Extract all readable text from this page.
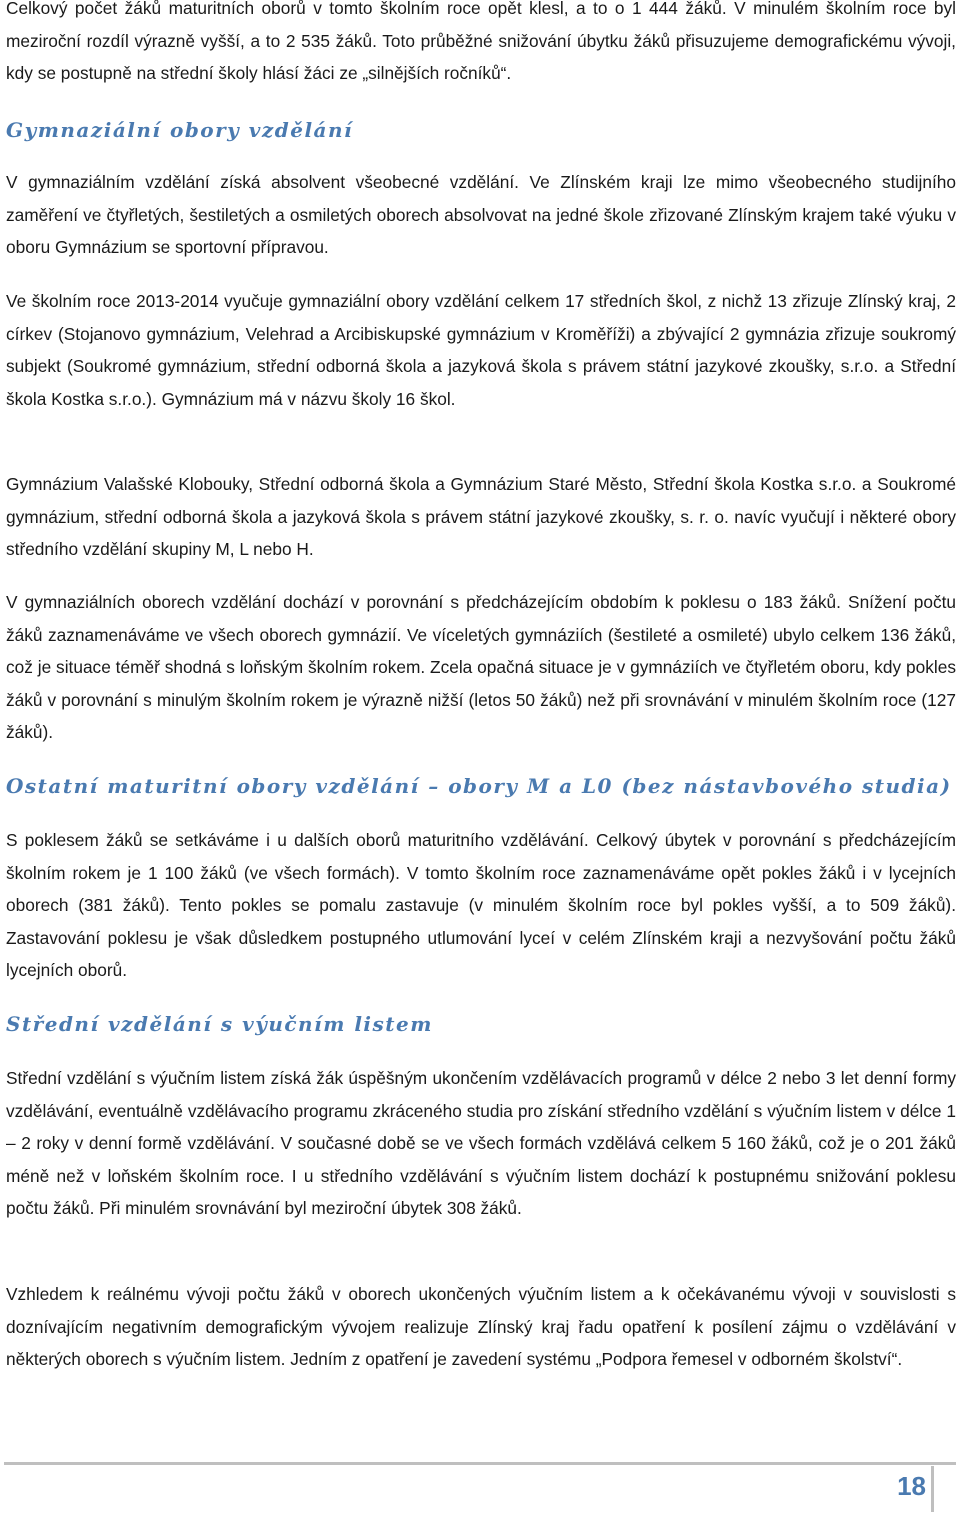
Celkový počet žáků maturitních oborů v tomto školním roce opět klesl, a to o 1 444 žáků. V minulém školním roce byl meziroční rozdíl výrazně vyšší, a to 2 535 žáků. Toto průběžné snižování úbytku žáků přisuzujeme demografickému vývoji, kdy se postupně na střední školy hlásí žáci ze „silnějších ročníků“.

Gymnaziální obory vzdělání

V gymnaziálním vzdělání získá absolvent všeobecné vzdělání. Ve Zlínském kraji lze mimo všeobecného studijního zaměření ve čtyřletých, šestiletých a osmiletých oborech absolvovat na jedné škole zřizované Zlínským krajem také výuku v oboru Gymnázium se sportovní přípravou.

Ve školním roce 2013-2014 vyučuje gymnaziální obory vzdělání celkem 17 středních škol, z nichž 13 zřizuje Zlínský kraj, 2 církev (Stojanovo gymnázium, Velehrad a Arcibiskupské gymnázium v Kroměříži) a zbývající 2 gymnázia zřizuje soukromý subjekt (Soukromé gymnázium, střední odborná škola a jazyková škola s právem státní jazykové zkoušky, s.r.o. a Střední škola Kostka s.r.o.). Gymnázium má v názvu školy 16 škol.

Gymnázium Valašské Klobouky, Střední odborná škola a Gymnázium Staré Město, Střední škola Kostka s.r.o. a Soukromé gymnázium, střední odborná škola a jazyková škola s právem státní jazykové zkoušky, s. r. o. navíc vyučují i některé obory středního vzdělání skupiny M, L nebo H.

V gymnaziálních oborech vzdělání dochází v porovnání s předcházejícím obdobím k poklesu o 183 žáků. Snížení počtu žáků zaznamenáváme ve všech oborech gymnázií. Ve víceletých gymnáziích (šestileté a osmileté) ubylo celkem 136 žáků, což je situace téměř shodná s loňským školním rokem. Zcela opačná situace je v gymnáziích ve čtyřletém oboru, kdy pokles žáků v porovnání s minulým školním rokem je výrazně nižší (letos 50 žáků) než při srovnávání v minulém školním roce (127 žáků).

Ostatní maturitní obory vzdělání – obory M a L0 (bez nástavbového studia)

S poklesem žáků se setkáváme i u dalších oborů maturitního vzdělávání. Celkový úbytek v porovnání s předcházejícím školním rokem je 1 100 žáků (ve všech formách). V tomto školním roce zaznamenáváme opět pokles žáků i v lycejních oborech (381 žáků). Tento pokles se pomalu zastavuje (v minulém školním roce byl pokles vyšší, a to 509 žáků). Zastavování poklesu je však důsledkem postupného utlumování lyceí v celém Zlínském kraji a nezvyšování počtu žáků lycejních oborů.

Střední vzdělání s výučním listem

Střední vzdělání s výučním listem získá žák úspěšným ukončením vzdělávacích programů v délce 2 nebo 3 let denní formy vzdělávání, eventuálně vzdělávacího programu zkráceného studia pro získání středního vzdělání s výučním listem v délce 1 – 2 roky v denní formě vzdělávání. V současné době se ve všech formách vzdělává celkem 5 160 žáků, což je o 201 žáků méně než v loňském školním roce. I u středního vzdělávání s výučním listem dochází k postupnému snižování poklesu počtu žáků. Při minulém srovnávání byl meziroční úbytek 308 žáků.

Vzhledem k reálnému vývoji počtu žáků v oborech ukončených výučním listem a k očekávanému vývoji v souvislosti s doznívajícím negativním demografickým vývojem realizuje Zlínský kraj řadu opatření k posílení zájmu o vzdělávání v některých oborech s výučním listem. Jedním z opatření je zavedení systému „Podpora řemesel v odborném školství“.

18
